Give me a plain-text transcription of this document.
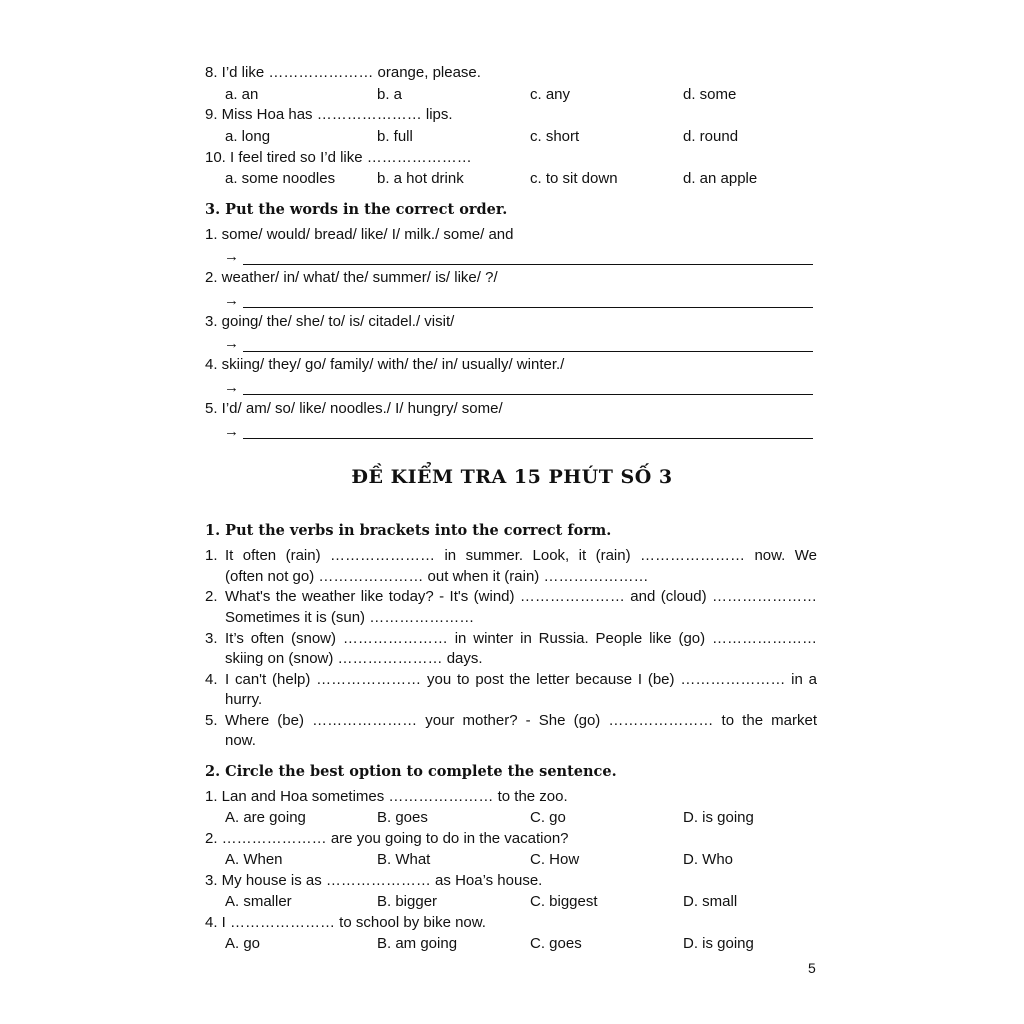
8. I’d like ………………… orange, please.
a. an	b. a	c. any	d. some
9. Miss Hoa has ………………… lips.
a. long	b. full	c. short	d. round
10. I feel tired so I’d like …………………
a. some noodles	b. a hot drink	c. to sit down	d. an apple
3. Put the words in the correct order.
1. some/ would/ bread/ like/ I/ milk./ some/ and
→
2. weather/ in/ what/ the/ summer/ is/ like/ ?/
→
3. going/ the/ she/ to/ is/ citadel./ visit/
→
4. skiing/ they/ go/ family/ with/ the/ in/ usually/ winter./
→
5. I’d/ am/ so/ like/ noodles./ I/ hungry/ some/
→
ĐỀ KIỂM TRA 15 PHÚT SỐ 3
1. Put the verbs in brackets into the correct form.
1. It often (rain) ………………… in summer. Look, it (rain) ………………… now. We
(often not go) ………………… out when it (rain) …………………
2. What's the weather like today? - It's (wind) ………………… and (cloud) …………………
Sometimes it is (sun) …………………
3. It’s often (snow) ………………… in winter in Russia. People like (go) …………………
skiing on (snow) ………………… days.
4. I can't (help) ………………… you to post the letter because I (be) ………………… in a
hurry.
5. Where (be) ………………… your mother? - She (go) ………………… to the market
now.
2. Circle the best option to complete the sentence.
1. Lan and Hoa sometimes ………………… to the zoo.
A. are going	B. goes	C. go	D. is going
2. ………………… are you going to do in the vacation?
A. When	B. What	C. How	D. Who
3. My house is as ………………… as Hoa’s house.
A. smaller	B. bigger	C. biggest	D. small
4. I ………………… to school by bike now.
A. go	B. am going	C. goes	D. is going
5
